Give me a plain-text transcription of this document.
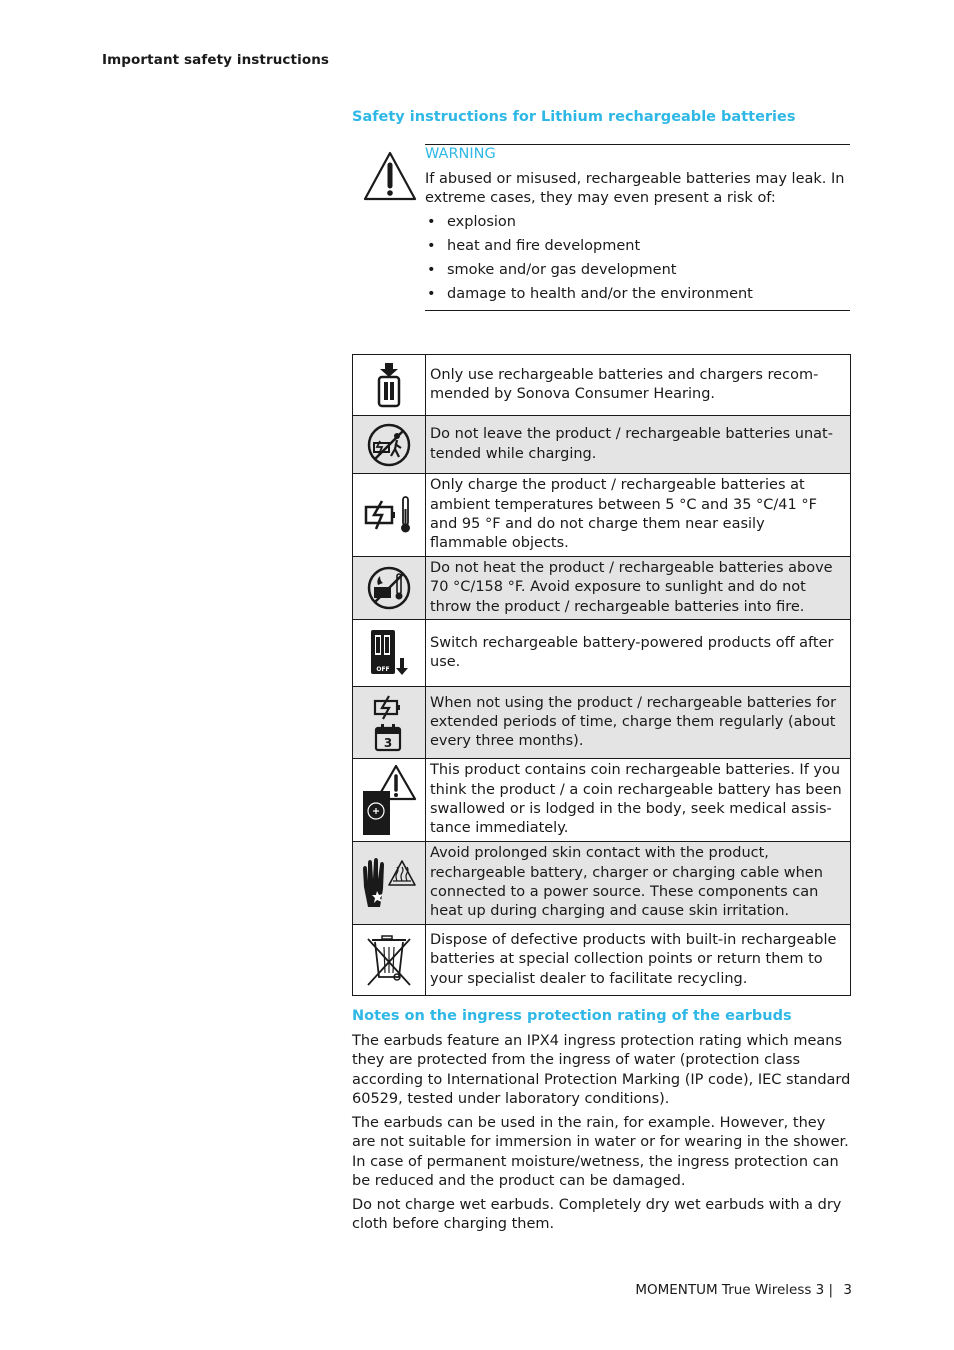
Important safety instructions
Safety instructions for Lithium rechargeable batteries
WARNING
If abused or misused, rechargeable batteries may leak. In extreme cases, they may even present a risk of:
• explosion
• heat and fire development
• smoke and/or gas development
• damage to health and/or the environment
	Only use rechargeable batteries and chargers recom-mended by Sonova Consumer Hearing.

	Do not leave the product / rechargeable batteries unat-tended while charging.

	Only charge the product / rechargeable batteries at ambient temperatures between 5 °C and 35 °C/41 °F and 95 °F and do not charge them near easily flammable objects.

	Do not heat the product / rechargeable batteries above 70 °C/158 °F. Avoid exposure to sunlight and do not throw the product / rechargeable batteries into fire.

OFF	Switch rechargeable battery-powered products off after use.

3	When not using the product / rechargeable batteries for extended periods of time, charge them regularly (about every three months).

	This product contains coin rechargeable batteries. If you think the product / a coin rechargeable battery has been swallowed or is lodged in the body, seek medical assis-tance immediately.

	Avoid prolonged skin contact with the product, rechargeable battery, charger or charging cable when connected to a power source. These components can heat up during charging and cause skin irritation.

	Dispose of defective products with built-in rechargeable batteries at special collection points or return them to your specialist dealer to facilitate recycling.
Notes on the ingress protection rating of the earbuds

The earbuds feature an IPX4 ingress protection rating which means they are protected from the ingress of water (protection class according to International Protection Marking (IP code), IEC standard 60529, tested under laboratory conditions).

The earbuds can be used in the rain, for example. However, they are not suitable for immersion in water or for wearing in the shower. In case of permanent moisture/wetness, the ingress protection can be reduced and the product can be damaged.

Do not charge wet earbuds. Completely dry wet earbuds with a dry cloth before charging them.

MOMENTUM True Wireless 3 | 3
